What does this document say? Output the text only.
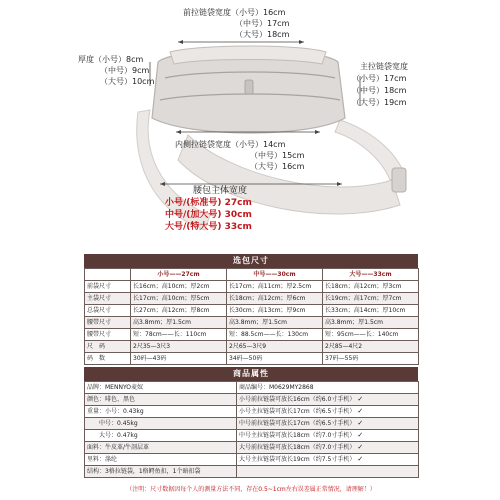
前拉链袋宽度（小号）16cm
（中号）17cm
（大号）18cm
厚度（小号）8cm
（中号）9cm
（大号）10cm
主拉链袋宽度
（小号）17cm
（中号）18cm
（大号）19cm
内侧拉链袋宽度（小号）14cm
（中号）15cm
（大号）16cm
腰包主体宽度
小号/(标准号) 27cm
中号/(加大号) 30cm
大号/(特大号) 33cm
选包尺寸
	小号——27cm	中号——30cm	大号——33cm
前袋尺寸	长16cm；高10cm；厚2cm	长17cm；高11cm；厚2.5cm	长18cm；高12cm；厚3cm
主袋尺寸	长17cm；高10cm；厚5cm	长18cm；高12cm；厚6cm	长19cm；高17cm；厚7cm
总袋尺寸	长27cm；高12cm；厚8cm	长30cm；高13cm；厚9cm	长33cm；高14cm；厚10cm
腰带尺寸	高3.8mm；厚1.5cm	高3.8mm；厚1.5cm	高3.8mm；厚1.5cm
腰带尺寸	短：78cm——长：110cm	短：88.5cm——长：130cm	短：95cm——长：140cm
尺　码	2尺35—3尺3	2尺65—3尺9	2尺85—4尺2
码　数	30码—43码	34码—50码	37码—55码
商品属性
品牌：MENNYO麦奴	商品编号：M0629MY2868
颜色：啡色、黑色	小号前拉链袋可放长16cm（约6.0寸手机） ✓
重量：小号：0.43kg	小号主拉链袋可放长17cm（约6.5寸手机） ✓
　　中号：0.45kg	中号前拉链袋可放长17cm（约6.5寸手机） ✓
　　大号：0.47kg	中号主拉链袋可放长18cm（约7.0寸手机） ✓
面料：牛皮革/牛剖层革	大号前拉链袋可放长18cm（约7.0寸手机） ✓
里料：涤纶	大号主拉链袋可放长19cm（约7.5寸手机） ✓
结构：3格拉链袋，1格鳄鱼扣，1个暗扣袋	
（注明：尺寸数据因每个人的测量方法不同，存在0.5~1cm左右误差属正常情况，请理解！）
